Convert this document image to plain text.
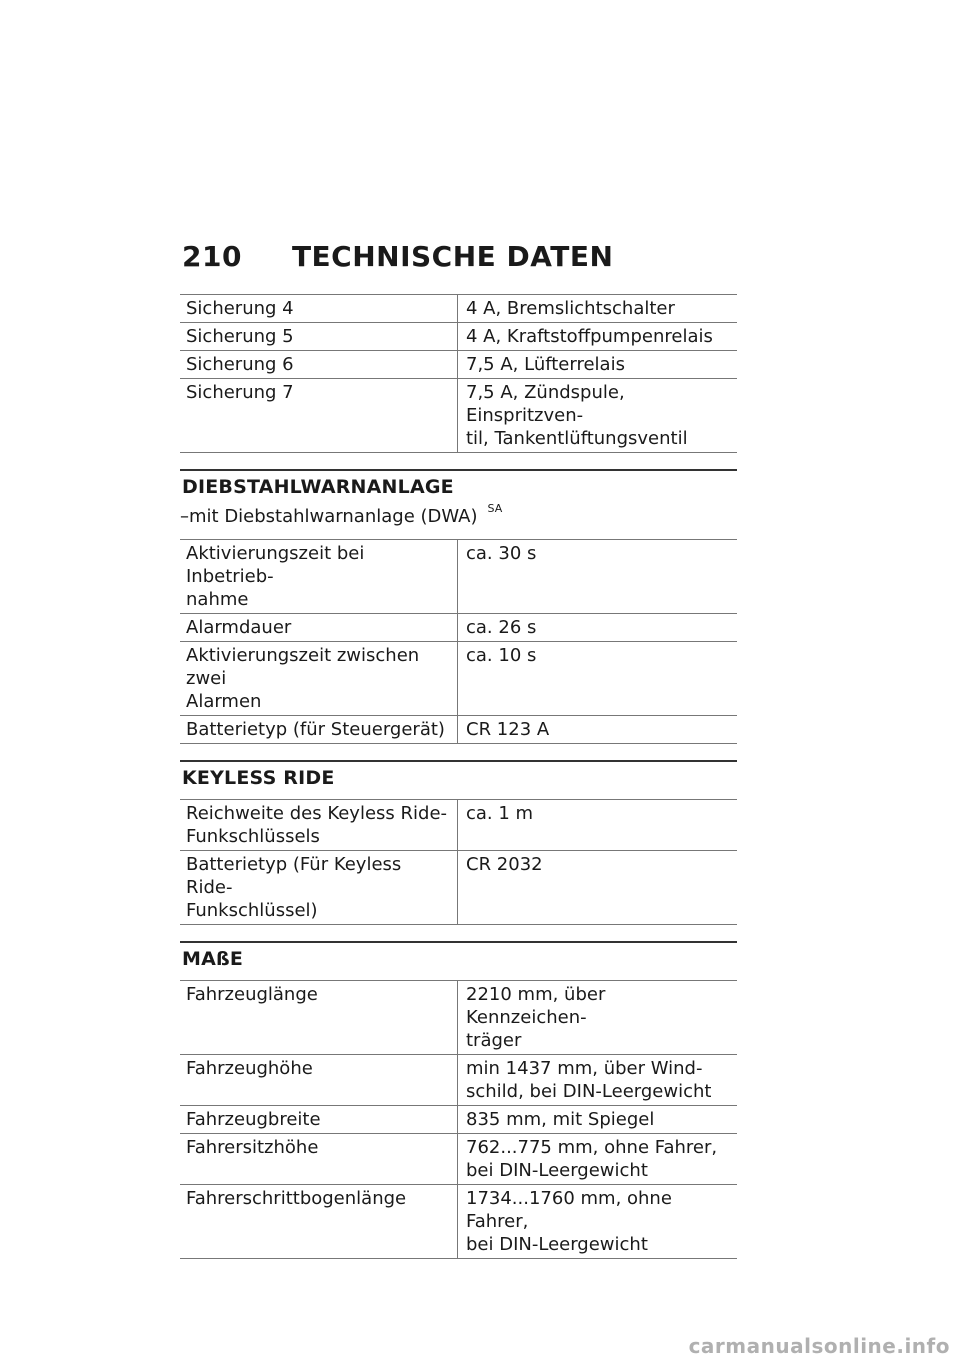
210 TECHNISCHE DATEN
Sicherung 4	4 A, Bremslichtschalter
Sicherung 5	4 A, Kraftstoffpumpenrelais
Sicherung 6	7,5 A, Lüfterrelais
Sicherung 7	7,5 A, Zündspule, Einspritzven-
til, Tankentlüftungsventil
DIEBSTAHLWARNANLAGE
–mit Diebstahlwarnanlage (DWA) $^{SA}$
Aktivierungszeit bei Inbetrieb-
nahme	ca. 30 s
Alarmdauer	ca. 26 s
Aktivierungszeit zwischen zwei
Alarmen	ca. 10 s
Batterietyp (für Steuergerät)	CR 123 A
KEYLESS RIDE
Reichweite des Keyless Ride-
Funkschlüssels	ca. 1 m
Batterietyp (Für Keyless Ride-
Funkschlüssel)	CR 2032
MAßE
Fahrzeuglänge	2210 mm, über Kennzeichen-
träger
Fahrzeughöhe	min 1437 mm, über Wind-
schild, bei DIN-Leergewicht
Fahrzeugbreite	835 mm, mit Spiegel
Fahrersitzhöhe	762...775 mm, ohne Fahrer,
bei DIN-Leergewicht
Fahrerschrittbogenlänge	1734...1760 mm, ohne Fahrer,
bei DIN-Leergewicht
carmanualsonline.info
